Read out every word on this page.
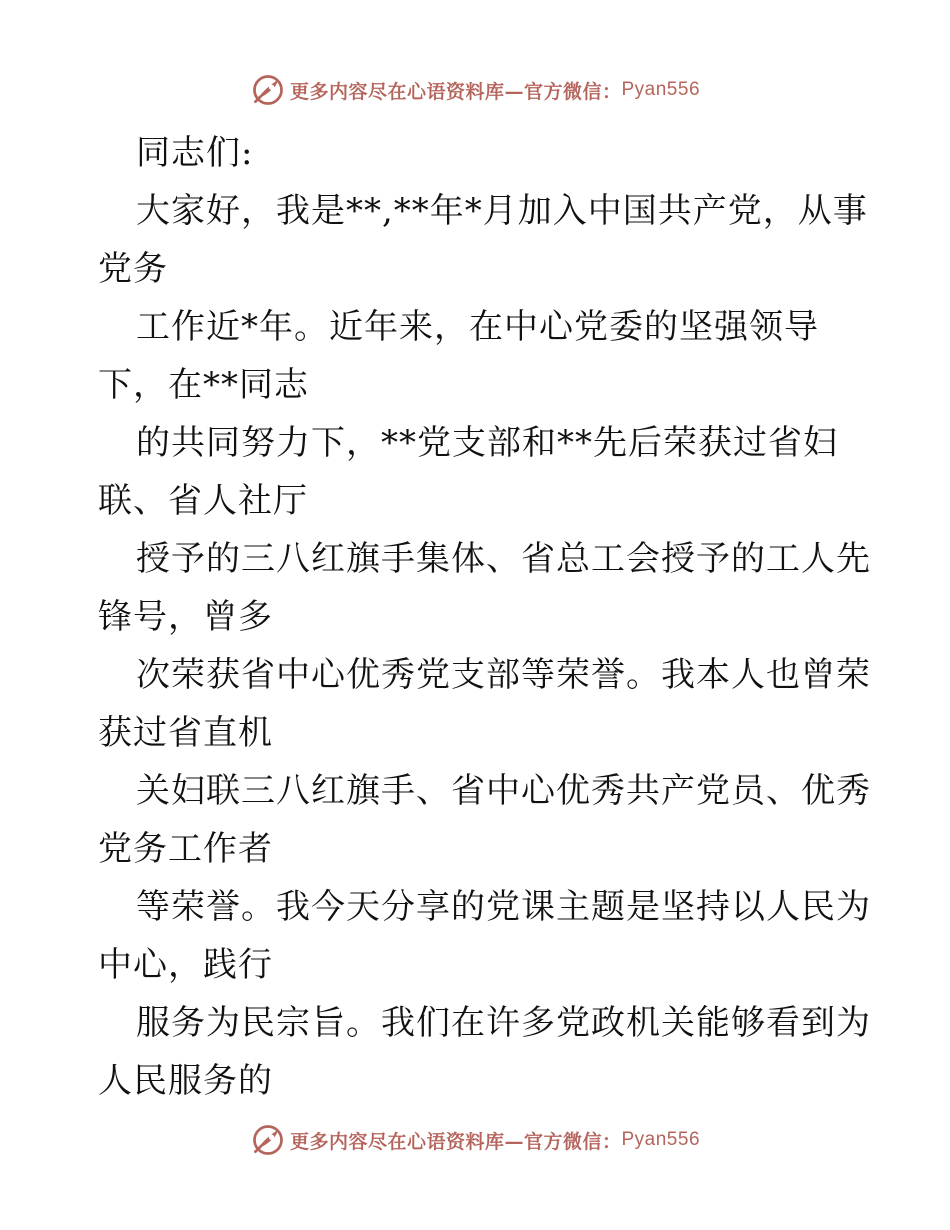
更多内容尽在心语资料库—官方微信： Pyan556
同志们:
大家好，我是**,**年*月加入中国共产党，从事
党务
工作近*年。近年来，在中心党委的坚强领导
下，在**同志
的共同努力下，**党支部和**先后荣获过省妇
联、省人社厅
授予的三八红旗手集体、省总工会授予的工人先
锋号，曾多
次荣获省中心优秀党支部等荣誉。我本人也曾荣
获过省直机
关妇联三八红旗手、省中心优秀共产党员、优秀
党务工作者
等荣誉。我今天分享的党课主题是坚持以人民为
中心，践行
服务为民宗旨。我们在许多党政机关能够看到为
人民服务的
更多内容尽在心语资料库—官方微信： Pyan556
